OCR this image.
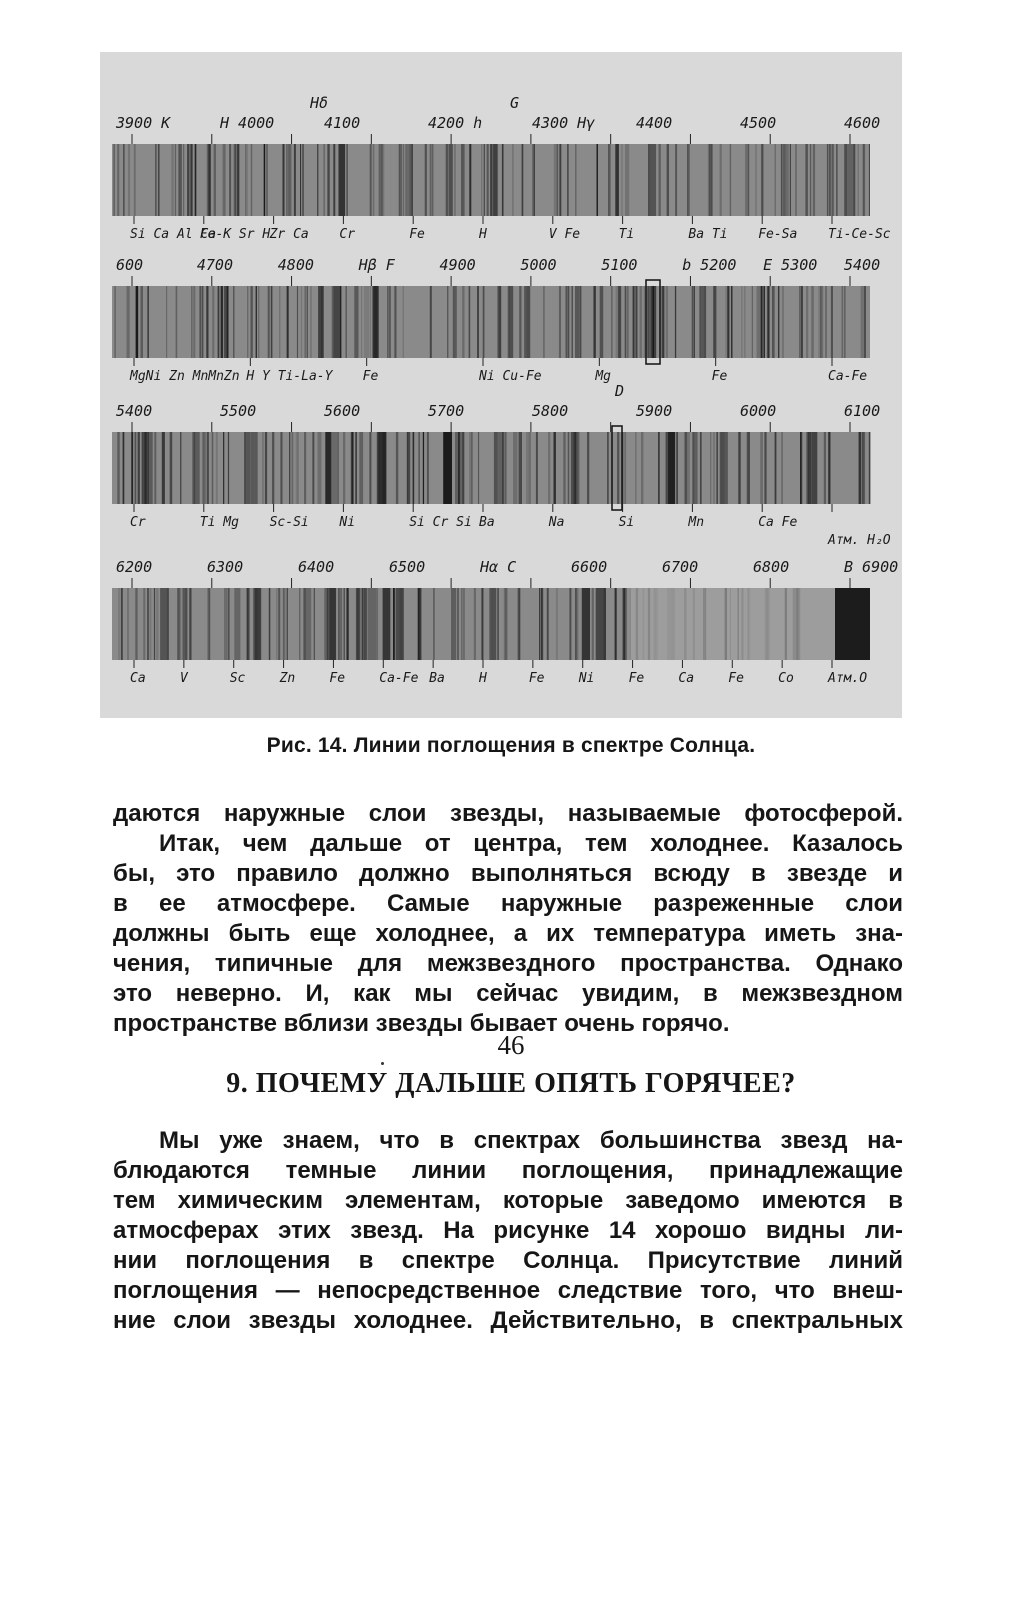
3900 K	H 4000	4100	4200 h	4300 Hγ	4400	4500	4600
Si Ca Al Ca
Fe-K Sr H Zr Ca Cr	Fe	H	V Fe	Ti	Ba Ti Fe-Sa Ti-Ce-Sc
Hδ	G
600	4700	4800	Hβ F	4900	5000	5100	b 5200 E 5300 5400
MgNi Zn MnMnZn H Y Ti-La-Y Fe	Ni Cu-Fe	Mg	Fe	Ca-Fe
5400	5500	5600	5700	5800	5900	6000	6100
Cr	Ti Mg Sc-Si Ni	Si Cr Si Ba	Na	Si	Mn	Ca Fe
Атм. H₂O
D
6200	6300	6400	6500	Hα C	6600	6700	6800	B 6900
Ca	V	Sc	Zn	Fe	Ca-Fe Ba	H	Fe	Ni	Fe	Ca	Fe	Co	Атм.O
Рис. 14. Линии поглощения в спектре Солнца.
даются наружные слои звезды, называемые фотосферой.
Итак, чем дальше от центра, тем холоднее. Казалось
бы, это правило должно выполняться всюду в звезде и
в ее атмосфере. Самые наружные разреженные слои
должны быть еще холоднее, а их температура иметь зна-
чения, типичные для межзвездного пространства. Однако
это неверно. И, как мы сейчас увидим, в межзвездном
пространстве вблизи звезды бывает очень горячо.
9. ПОЧЕМУ ДАЛЬШЕ ОПЯТЬ ГОРЯЧЕЕ?
Мы уже знаем, что в спектрах большинства звезд на-
блюдаются темные линии поглощения, принадлежащие
тем химическим элементам, которые заведомо имеются в
атмосферах этих звезд. На рисунке 14 хорошо видны ли-
нии поглощения в спектре Солнца. Присутствие линий
поглощения — непосредственное следствие того, что внеш-
ние слои звезды холоднее. Действительно, в спектральных
46
